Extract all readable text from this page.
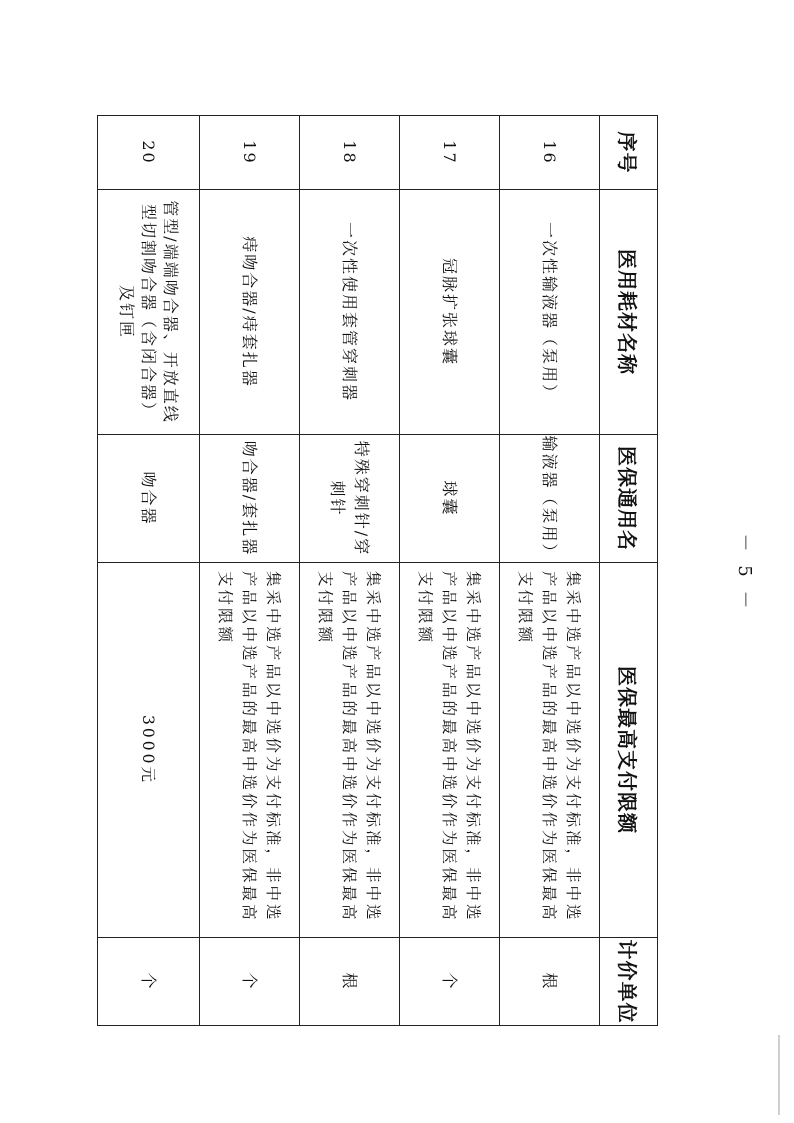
序号	医用耗材名称	医保通用名	医保最高支付限额	计价单位
16	一次性输液器（泵用）	输液器（泵用）	集采中选产品以中选价为支付标准，非中选产品以中选产品的最高中选价作为医保最高支付限额	根
17	冠脉扩张球囊	球囊	集采中选产品以中选价为支付标准，非中选产品以中选产品的最高中选价作为医保最高支付限额	个
18	一次性使用套管穿刺器	特殊穿刺针/穿刺针	集采中选产品以中选价为支付标准，非中选产品以中选产品的最高中选价作为医保最高支付限额	根
19	痔吻合器/痔套扎器	吻合器/套扎器	集采中选产品以中选价为支付标准，非中选产品以中选产品的最高中选价作为医保最高支付限额	个
20	管型/端端吻合器、开放直线型切割吻合器（含闭合器）及钉匣	吻合器	3000元	个
－ 5 －
